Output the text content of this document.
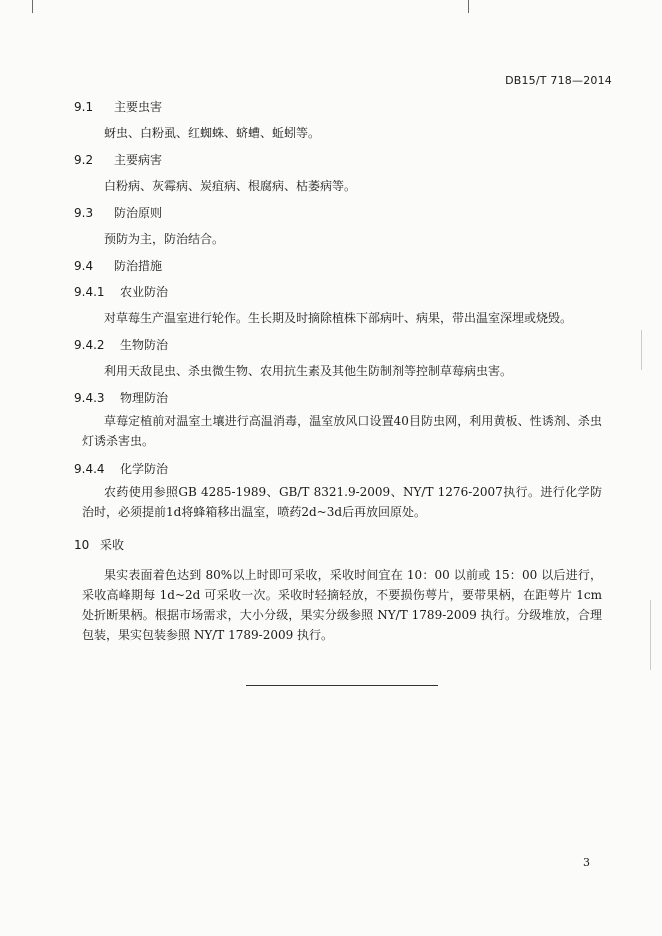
DB15/T 718—2014
9.1 主要虫害
蚜虫、白粉虱、红蜘蛛、蛴螬、蚯蚓等。
9.2 主要病害
白粉病、灰霉病、炭疽病、根腐病、枯萎病等。
9.3 防治原则
预防为主，防治结合。
9.4 防治措施
9.4.1 农业防治
对草莓生产温室进行轮作。生长期及时摘除植株下部病叶、病果，带出温室深埋或烧毁。
9.4.2 生物防治
利用天敌昆虫、杀虫微生物、农用抗生素及其他生防制剂等控制草莓病虫害。
9.4.3 物理防治
草莓定植前对温室土壤进行高温消毒，温室放风口设置40目防虫网，利用黄板、性诱剂、杀虫灯诱杀害虫。
9.4.4 化学防治
农药使用参照GB 4285-1989、GB/T 8321.9-2009、NY/T 1276-2007执行。进行化学防治时，必须提前1d将蜂箱移出温室，喷药2d~3d后再放回原处。
10 采收
果实表面着色达到 80%以上时即可采收，采收时间宜在 10：00 以前或 15：00 以后进行，采收高峰期每 1d~2d 可采收一次。采收时轻摘轻放，不要损伤萼片，要带果柄，在距萼片 1cm 处折断果柄。根据市场需求，大小分级，果实分级参照 NY/T 1789-2009 执行。分级堆放，合理包装，果实包装参照 NY/T 1789-2009 执行。
3
